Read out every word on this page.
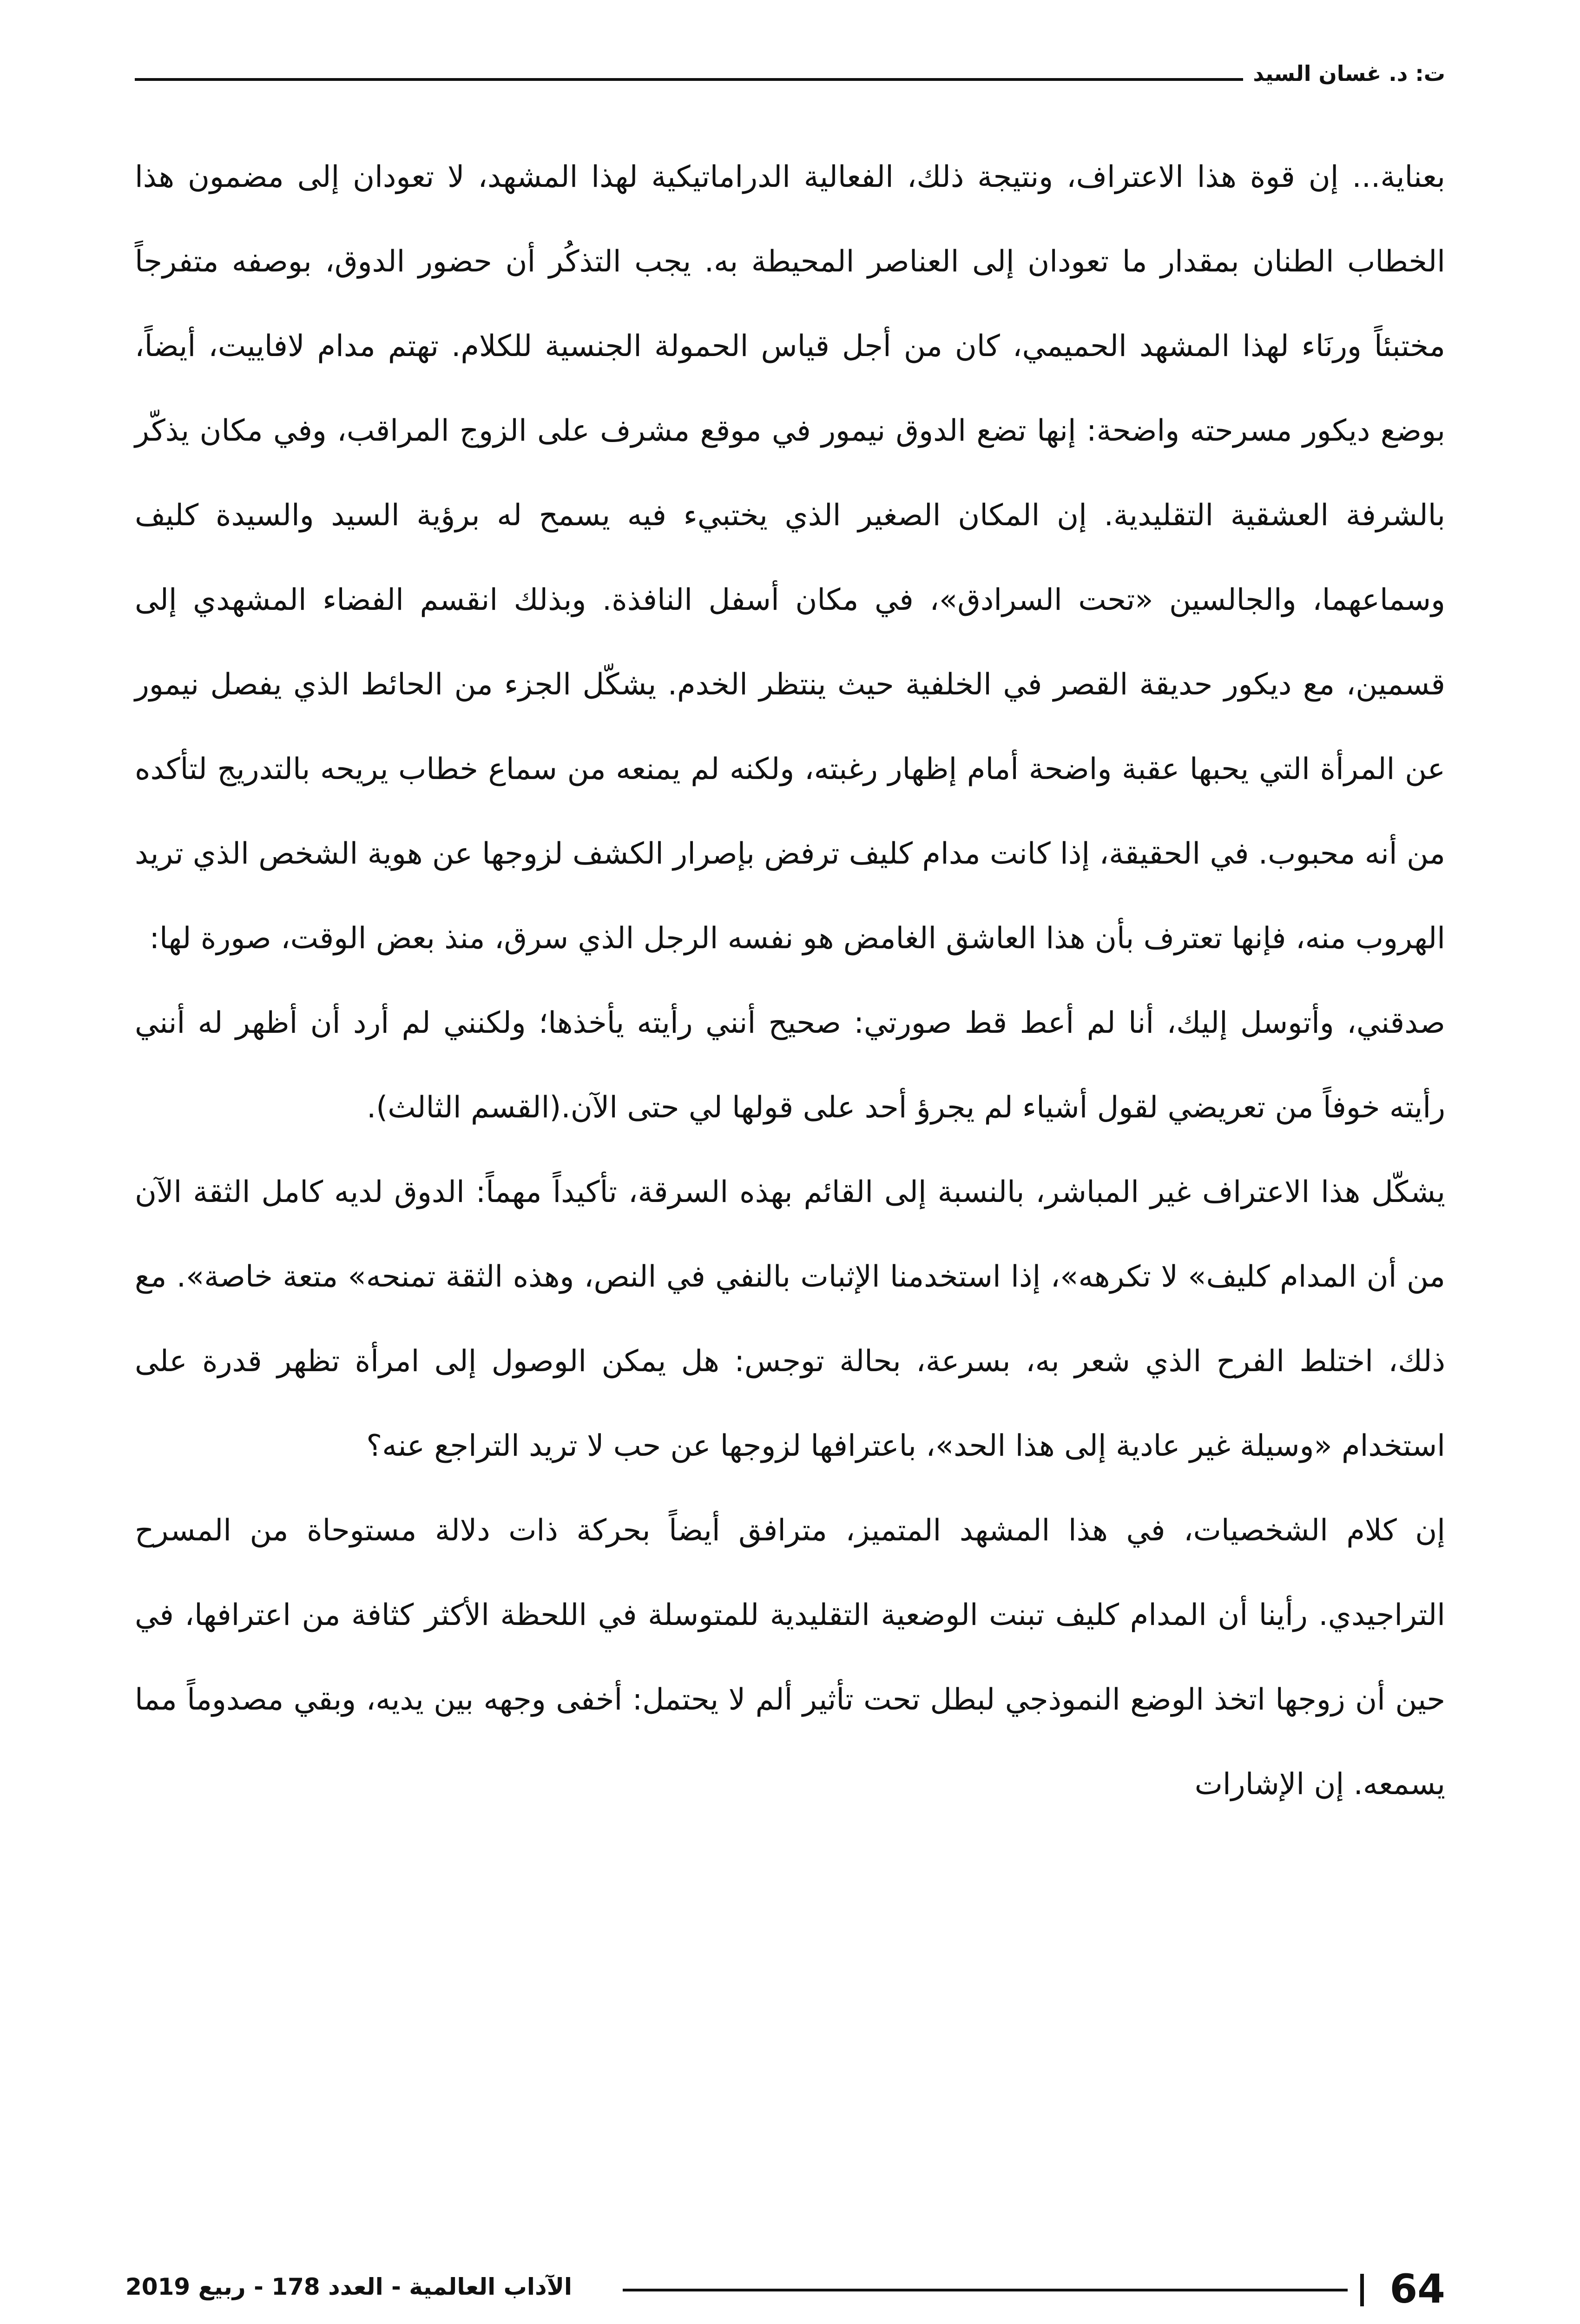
ت: د. غسان السيد

بعناية... إن قوة هذا الاعتراف، ونتيجة ذلك، الفعالية الدراماتيكية لهذا المشهد، لا تعودان إلى مضمون هذا الخطاب الطنان بمقدار ما تعودان إلى العناصر المحيطة به. يجب التذكُر أن حضور الدوق، بوصفه متفرجاً مختبئاً ورنَاء لهذا المشهد الحميمي، كان من أجل قياس الحمولة الجنسية للكلام. تهتم مدام لافاييت، أيضاً، بوضع ديكور مسرحته واضحة: إنها تضع الدوق نيمور في موقع مشرف على الزوج المراقب، وفي مكان يذكّر بالشرفة العشقية التقليدية. إن المكان الصغير الذي يختبيء فيه يسمح له برؤية السيد والسيدة كليف وسماعهما، والجالسين «تحت السرادق»، في مكان أسفل النافذة. وبذلك انقسم الفضاء المشهدي إلى قسمين، مع ديكور حديقة القصر في الخلفية حيث ينتظر الخدم. يشكّل الجزء من الحائط الذي يفصل نيمور عن المرأة التي يحبها عقبة واضحة أمام إظهار رغبته، ولكنه لم يمنعه من سماع خطاب يريحه بالتدريج لتأكده من أنه محبوب. في الحقيقة، إذا كانت مدام كليف ترفض بإصرار الكشف لزوجها عن هوية الشخص الذي تريد الهروب منه، فإنها تعترف بأن هذا العاشق الغامض هو نفسه الرجل الذي سرق، منذ بعض الوقت، صورة لها:

صدقني، وأتوسل إليك، أنا لم أعط قط صورتي: صحيح أنني رأيته يأخذها؛ ولكنني لم أرد أن أظهر له أنني رأيته خوفاً من تعريضي لقول أشياء لم يجرؤ أحد على قولها لي حتى الآن.(القسم الثالث).

يشكّل هذا الاعتراف غير المباشر، بالنسبة إلى القائم بهذه السرقة، تأكيداً مهماً: الدوق لديه كامل الثقة الآن من أن المدام كليف» لا تكرهه»، إذا استخدمنا الإثبات بالنفي في النص، وهذه الثقة تمنحه» متعة خاصة». مع ذلك، اختلط الفرح الذي شعر به، بسرعة، بحالة توجس: هل يمكن الوصول إلى امرأة تظهر قدرة على استخدام «وسيلة غير عادية إلى هذا الحد»، باعترافها لزوجها عن حب لا تريد التراجع عنه؟

إن كلام الشخصيات، في هذا المشهد المتميز، مترافق أيضاً بحركة ذات دلالة مستوحاة من المسرح التراجيدي. رأينا أن المدام كليف تبنت الوضعية التقليدية للمتوسلة في اللحظة الأكثر كثافة من اعترافها، في حين أن زوجها اتخذ الوضع النموذجي لبطل تحت تأثير ألم لا يحتمل: أخفى وجهه بين يديه، وبقي مصدوماً مما يسمعه. إن الإشارات

الآداب العالمية - العدد 178 - ربيع 2019	64
